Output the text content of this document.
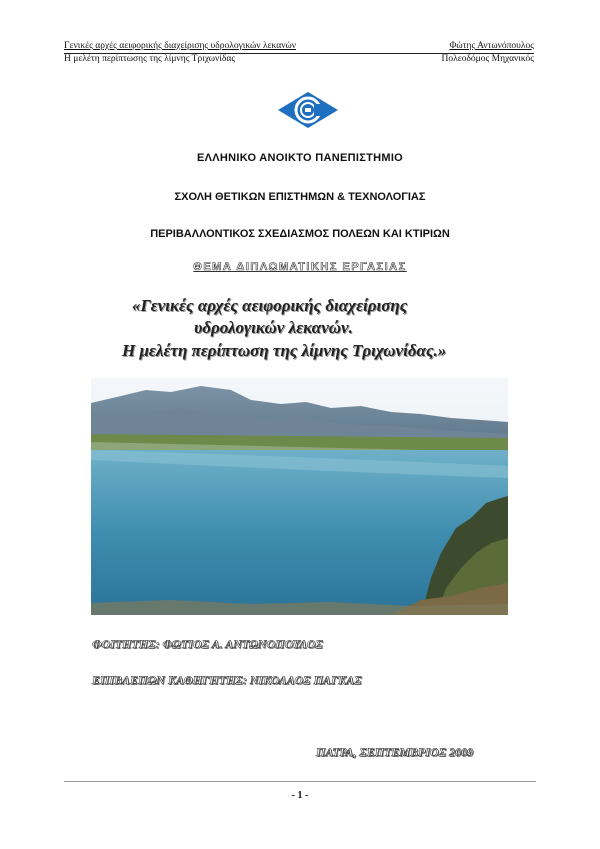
Γενικές αρχές αειφορικής διαχείρισης υδρολογικών λεκανών	Φώτης Αντωνόπουλος
Η μελέτη περίπτωσης της λίμνης Τριχωνίδας	Πολεοδόμος Μηχανικός
ΕΛΛΗΝΙΚΟ ΑΝΟΙΚΤΟ ΠΑΝΕΠΙΣΤΗΜΙΟ
ΣΧΟΛΗ ΘΕΤΙΚΩΝ ΕΠΙΣΤΗΜΩΝ & ΤΕΧΝΟΛΟΓΙΑΣ
ΠΕΡΙΒΑΛΛΟΝΤΙΚΟΣ ΣΧΕΔΙΑΣΜΟΣ ΠΟΛΕΩΝ ΚΑΙ ΚΤΙΡΙΩΝ
ΘΕΜΑ ΔΙΠΛΩΜΑΤΙΚΗΣ ΕΡΓΑΣΙΑΣ
«Γενικές αρχές αειφορικής διαχείρισης
υδρολογικών λεκανών.
Η μελέτη περίπτωση της λίμνης Τριχωνίδας.»
ΦΟΙΤΗΤΗΣ: ΦΩΤΙΟΣ Α. ΑΝΤΩΝΟΠΟΥΛΟΣ
ΕΠΙΒΛΕΠΩΝ ΚΑΘΗΓΗΤΗΣ: ΝΙΚΟΛΑΟΣ ΠΑΓΚΑΣ
ΠΑΤΡΑ, ΣΕΠΤΕΜΒΡΙΟΣ 2009
- 1 -
